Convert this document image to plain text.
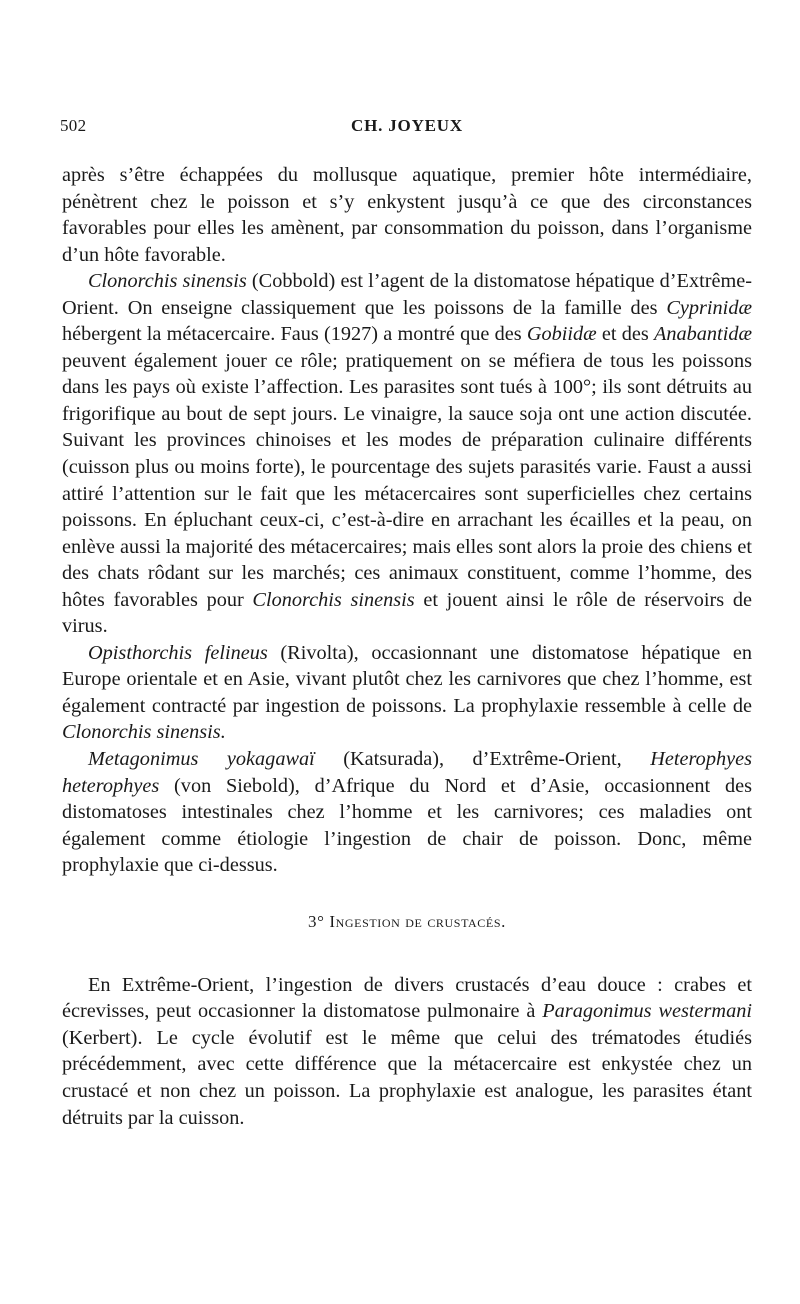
502	CH. JOYEUX

après s’être échappées du mollusque aquatique, premier hôte intermédiaire, pénètrent chez le poisson et s’y enkystent jusqu’à ce que des circonstances favorables pour elles les amènent, par consommation du poisson, dans l’organisme d’un hôte favorable.

Clonorchis sinensis (Cobbold) est l’agent de la distomatose hépatique d’Extrême-Orient. On enseigne classiquement que les poissons de la famille des Cyprinidæ hébergent la métacercaire. Faus (1927) a montré que des Gobiidæ et des Anabantidæ peuvent également jouer ce rôle; pratiquement on se méfiera de tous les poissons dans les pays où existe l’affection. Les parasites sont tués à 100°; ils sont détruits au frigorifique au bout de sept jours. Le vinaigre, la sauce soja ont une action discutée. Suivant les provinces chinoises et les modes de préparation culinaire différents (cuisson plus ou moins forte), le pourcentage des sujets parasités varie. Faust a aussi attiré l’attention sur le fait que les métacercaires sont superficielles chez certains poissons. En épluchant ceux-ci, c’est-à-dire en arrachant les écailles et la peau, on enlève aussi la majorité des métacercaires; mais elles sont alors la proie des chiens et des chats rôdant sur les marchés; ces animaux constituent, comme l’homme, des hôtes favorables pour Clonorchis sinensis et jouent ainsi le rôle de réservoirs de virus.

Opisthorchis felineus (Rivolta), occasionnant une distomatose hépatique en Europe orientale et en Asie, vivant plutôt chez les carnivores que chez l’homme, est également contracté par ingestion de poissons. La prophylaxie ressemble à celle de Clonorchis sinensis.

Metagonimus yokagawaï (Katsurada), d’Extrême-Orient, Heterophyes heterophyes (von Siebold), d’Afrique du Nord et d’Asie, occasionnent des distomatoses intestinales chez l’homme et les carnivores; ces maladies ont également comme étiologie l’ingestion de chair de poisson. Donc, même prophylaxie que ci-dessus.

3° Ingestion de crustacés.

En Extrême-Orient, l’ingestion de divers crustacés d’eau douce : crabes et écrevisses, peut occasionner la distomatose pulmonaire à Paragonimus westermani (Kerbert). Le cycle évolutif est le même que celui des trématodes étudiés précédemment, avec cette différence que la métacercaire est enkystée chez un crustacé et non chez un poisson. La prophylaxie est analogue, les parasites étant détruits par la cuisson.
